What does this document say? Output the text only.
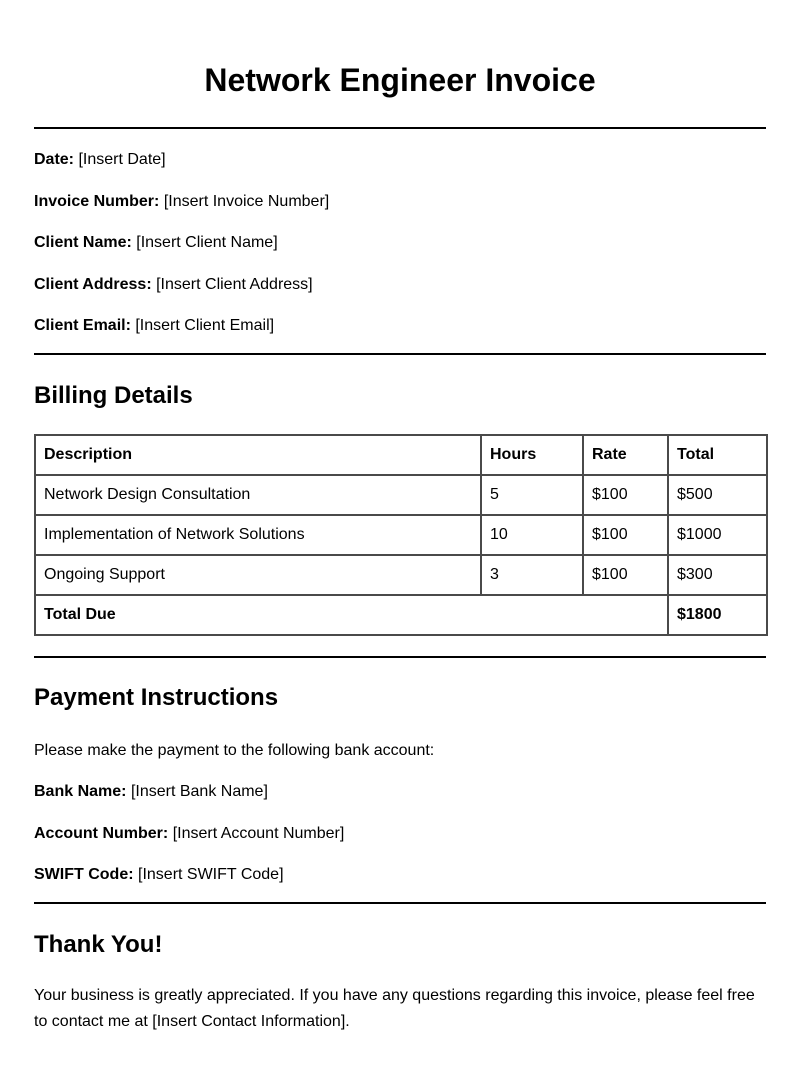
Network Engineer Invoice
Date: [Insert Date]
Invoice Number: [Insert Invoice Number]
Client Name: [Insert Client Name]
Client Address: [Insert Client Address]
Client Email: [Insert Client Email]
Billing Details
Description	Hours	Rate	Total
Network Design Consultation	5	$100	$500
Implementation of Network Solutions	10	$100	$1000
Ongoing Support	3	$100	$300
Total Due			$1800
Payment Instructions
Please make the payment to the following bank account:
Bank Name: [Insert Bank Name]
Account Number: [Insert Account Number]
SWIFT Code: [Insert SWIFT Code]
Thank You!
Your business is greatly appreciated. If you have any questions regarding this invoice, please feel free to contact me at [Insert Contact Information].
